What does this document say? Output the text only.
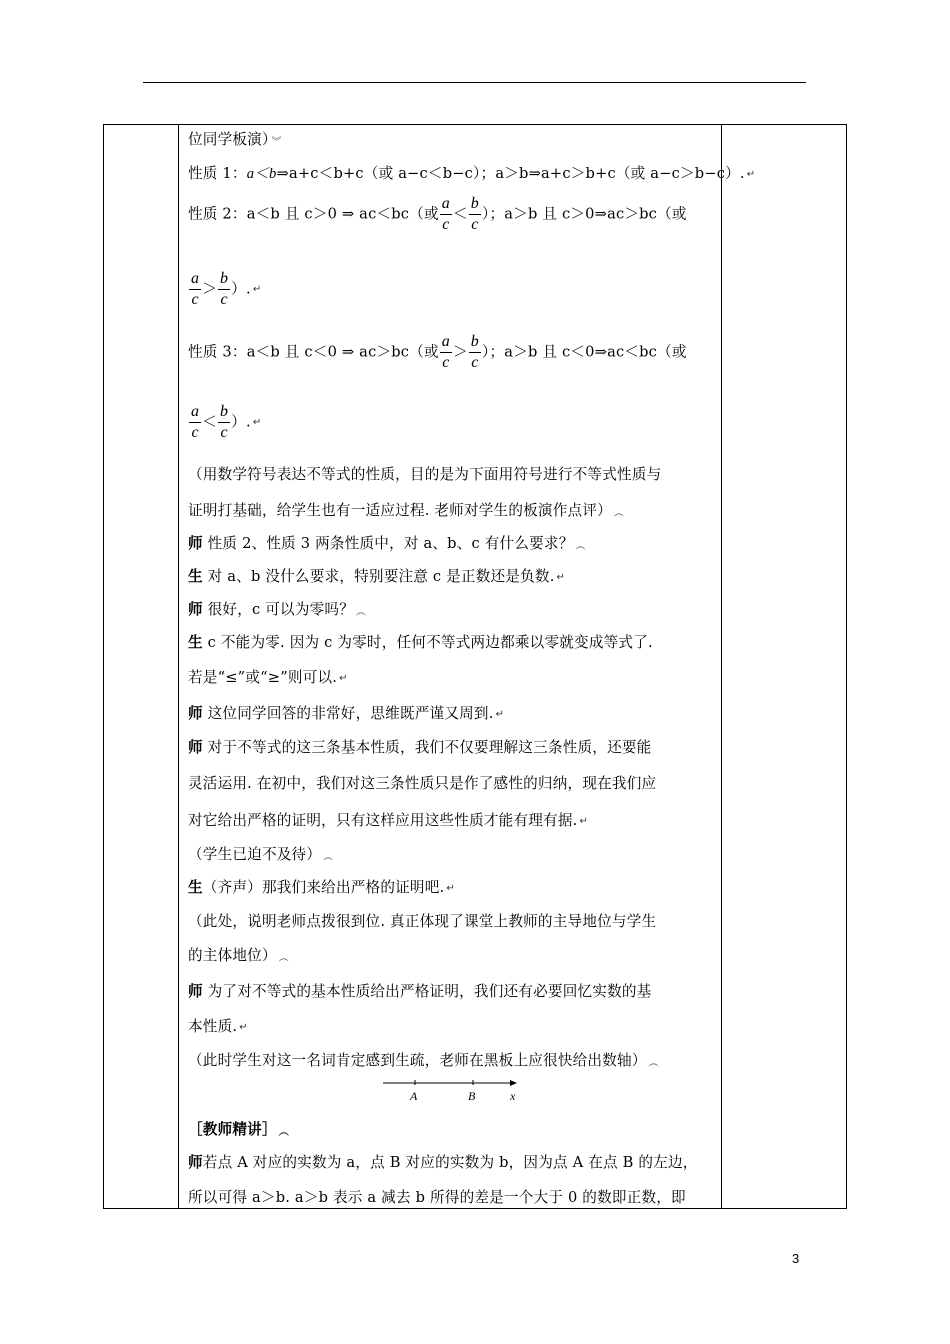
位同学板演） ︾
性质 1：a＜b⇒a+c＜b+c（或 a−c＜b−c）；a＞b⇒a+c＞b+c（或 a−c＞b−c）. ↵
性质 2：a＜b 且 c＞0 ⇒ ac＜bc（或 $\frac{a}{c} < \frac{b}{c}$ ）；a＞b 且 c＞0⇒ac＞bc（或
$\frac{a}{c} > \frac{b}{c}$ ）. ↵
性质 3：a＜b 且 c＜0 ⇒ ac＞bc（或 $\frac{a}{c} > \frac{b}{c}$ ）；a＞b 且 c＜0⇒ac＜bc（或
$\frac{a}{c} < \frac{b}{c}$ ）. ↵
（用数学符号表达不等式的性质，目的是为下面用符号进行不等式性质与
证明打基础，给学生也有一适应过程. 老师对学生的板演作点评） ︵
师 性质 2、性质 3 两条性质中，对 a、b、c 有什么要求？ ︵
生 对 a、b 没什么要求，特别要注意 c 是正数还是负数. ↵
师 很好，c 可以为零吗？ ︵
生 c 不能为零. 因为 c 为零时，任何不等式两边都乘以零就变成等式了.
若是“≤”或“≥”则可以. ↵
师 这位同学回答的非常好，思维既严谨又周到. ↵
师 对于不等式的这三条基本性质，我们不仅要理解这三条性质，还要能
灵活运用. 在初中，我们对这三条性质只是作了感性的归纳，现在我们应
对它给出严格的证明，只有这样应用这些性质才能有理有据. ↵
（学生已迫不及待） ︵
生（齐声）那我们来给出严格的证明吧. ↵
（此处，说明老师点拨很到位. 真正体现了课堂上教师的主导地位与学生
的主体地位） ︵
师 为了对不等式的基本性质给出严格证明，我们还有必要回忆实数的基
本性质. ↵
（此时学生对这一名词肯定感到生疏，老师在黑板上应很快给出数轴） ︵
A	B	x
［教师精讲］ ︵
师若点 A 对应的实数为 a，点 B 对应的实数为 b，因为点 A 在点 B 的左边，
所以可得 a＞b. a＞b 表示 a 减去 b 所得的差是一个大于 0 的数即正数，即
3
